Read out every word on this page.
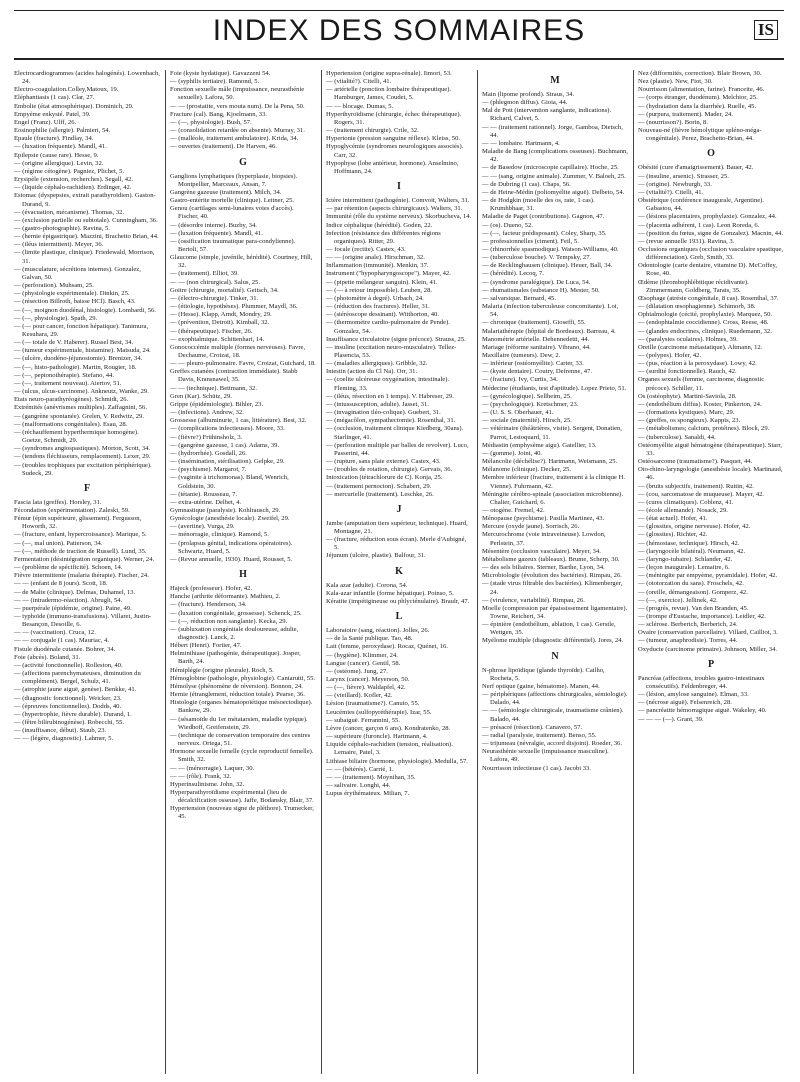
INDEX DES SOMMAIRES	IS
Electrocardiogrammes (acides halogénés). Lowenbach, 24.
Electro-coagulation.Colley,Matoux, 19.
Eléphantiasis (1 cas). Clar, 27.
Embolie (état atmosphérique). Dominich, 29.
Empyème enkysté. Patel, 39.
Engel (Franz). Ulff, 26.
Eosinophilie (allergie). Palmieri, 54.
Epaule (fracture). Findlay, 34.
— (luxation fréquente). Mandl, 41.
Epilepsie (cause rare). Hesse, 9.
— (origine allergique). Levin, 32.
— (régime cétogène). Pagniez, Plichet, 5.
Erysipèle (extension, recherches). Segall, 42.
— (liquide céphalo-rachidien). Erdinger, 42.
Estomac (dyspepsies, extrait parathyroïdien). Gaston-Durand, 9.
— (évacuation, mécanisme). Thomas, 32.
— (exclusion partielle ou subtotale). Cunningham, 36.
— (gastro-photographie). Ravina, 5.
— (hernie épigastrique). Mazzini, Brachetto Brian, 44.
— (iléus intermittent). Meyer, 36.
— (limite plastique, clinique). Friedewald, Morrison, 31.
— (musculature, sécrétions internes). Gonzalez, Galvan, 50.
— (perforation). Muhsam, 25.
— (physiologie expérimentale). Dinkin, 25.
— (résection Billroth, baisse HCl). Basch, 43.
— (—, moignon duodénal, histologie). Lombardi, 56.
— (—, physiologie). Spath, 29.
— (— pour cancer, fonction hépatique). Tanimura, Kesuhara, 29.
— (— totale de V. Haberer). Russel Best, 34.
— (tumeur expérimentale, histamine). Matsuda, 24.
— (ulcère, duodéno-jéjunostomie). Brenizer, 34.
— (—, histo-pathologie). Martin, Rougier, 18.
— (—, peptonothérapie). Stefano, 44.
— (—, traitement nouveau). Aiertov, 51.
— (ulcus, ulcus-carcinome). Ankneutz, Wanke, 29.
Etats neuro-parathyréogènes). Schmidt, 26.
Extrémités (anévrismes multiples). Zaffagnini, 56.
— (gangrène spontanée). Grelen, V. Redwitz, 29.
— (malformations congénitales). Esau, 28.
— (réchauffement hyperthermique homogène). Goetze, Schmidt, 29.
— (syndromes angiospastiques). Morton, Scott, 34.
— (tendons fléchisseurs, remplacement). Lexer, 29.
— (troubles trophiques par excitation périphérique). Sudeck, 29.
F
Fascia lata (greffes). Horsley, 31.
Fécondation (expérimentation). Zaleski, 59.
Fémur (épin supérieure, glissement). Fergusson, Howorth, 32.
— (fracture, enfant, hypercroissance). Marique, 5.
— (—, mal union). Patterson, 34.
— (—, méthode de traction de Russell). Lund, 35.
Fermentation (désintégration organique). Werner, 24.
— (problème de spécificité). Schoen, 14.
Fièvre intermittente (malaria thérapie). Fischer, 24.
— — (enfant de 8 jours). Scott, 18.
— de Malte (clinique). Delmas, Duhamel, 13.
— — (intradermo-réaction). Abrugli, 54.
— puerpérale (épidémie, origine). Paine, 49.
— typhoïde (immuno-transfusions). Villaret, Justin-Besançon, Desoille, 6.
— — (vaccination). Cruca, 12.
— — conjugale (1 cas). Mauriac, 4.
Fistule duodénale cutanée. Bohrer, 34.
Foie (abcès). Boland, 31.
— (activité fonctionnelle). Rolleston, 40.
— (affections parenchymateuses, diminution du complément). Bergel, Schulz, 41.
— (atrophie jaune aiguë, genèse). Benkke, 41.
— (diagnostic fonctionnel). Weicker, 23.
— (épreuves fonctionnelles). Dodds, 40.
— (hypertrophie, fièvre durable). Durand, 1.
— (fêtre bilirubinogénèse). Robecchi, 55.
— (insuffisance, début). Staub, 23.
— — (légère, diagnostic). Lahmer, 5.
Foie (kyste hydatique). Gavazzeni 54.
— (syphilis tertiaire). Ramond, 5.
Fonction sexuelle mâle (impuissance, neurasthénie sexuelle). Lafora, 50.
— — (prostatite, vers mouta num). De la Pena, 50.
Fracture (cal). Bang, Kjoelmann, 33.
— (—, physiologie). Bush, 57.
— (consolidation retardée on absente). Murray, 31.
— (malléole, traitement ambulatoire). Krida, 34.
— ouvertes (traitement). De Harven, 46.
G
Ganglions lymphatiques (hyperplasie, biopsies). Montpellier, Marceaux, Ansan, 7.
Gangrène gazeuse (traitement). Milch, 34.
Gastro-entérite mortelle (clinique). Leitner, 25.
Genou (cartilages semi-lunaires voies d'accès). Fischer, 40.
— (désordre interne). Buzby, 34.
— (luxation fréquente). Mandl, 41.
— (ossification traumatique para-condylienne). Bertoli, 57.
Glaucome (simple, juvénile, hérédité). Courtney, Hill, 32.
— (traitement). Elliot, 39.
— — (non chirurgical). Salus, 25.
Goitre (chirurgie, mortalité). Geitsch, 34.
— (électro-chirurgie). Tinker, 31.
— (étiologie, hypothèses). Plummer, Maydl, 36.
— (Hesse). Klapp, Arndt, Mondry, 29.
— (prévention, Detroit). Kimball, 32.
— (thérapeutique). Fischer, 26.
— exophtalmique. Schittenhart, 14.
Gonococcémie multiple (formes nerveuses). Favre, Dechaume, Croizat, 18.
— — pleuro-pulmonaire. Favre, Croizat, Guichard, 18.
Greffes cutanées (contraction immédiate). Stabb Davis, Kransnawel, 35.
— — (technique). Bettmann, 32.
Gren (Kar). Schütz, 29.
Grippe (épidémiologie). Bihler, 23.
— (infections). Andrew, 32.
Grossesse (albuminurie, 1 cas, littérature). Best, 32.
— (complications infectieuses). Moore, 33.
— (fièvre?) Frühinsholz, 3.
— (gangrène gazeuse, 1 cas). Adams, 39.
— (hydrorrhée). Gosdall, 26.
— (insémination, stérilisation). Gelpke, 29.
— (psychisme). Margarot, 7.
— (vaginite à trichomonas). Bland, Wenrich, Goldstein, 30.
— (tétanie). Rousseau, 7.
— extra-utérine. Delbet, 4.
Gymnastique (paralysie). Kohlrausch, 29.
Gynécologie (anesthésie locale). Zweifel, 29.
— (avertine). Vurga, 29.
— ménorragie, clinique). Ramond, 5.
— (prolapsus génital, indications opératoires). Schwartz, Huard, 5.
— (Revue annuelle, 1930). Huard, Rousset, 5.
H
Hajeck (professeur). Hofer, 42.
Hanche (arthrite déformante). Mathieu, 2.
— (fracture). Henderson, 34.
— (luxation congénitale, grossesse). Schenck, 25.
— (—, réduction non sanglante). Kecka, 29.
— (subluxation congénitale douloureuse, adulte, diagnostic). Lanck, 2.
Hébert (Henri). Fortier, 47.
Helminthiase (pathogénie, thérapeutique). Josper, Barth, 24.
Hémiplégie (origine pleurale). Roch, 5.
Hémoglobine (pathologie, physiologie). Cantarutti, 55.
Hémolyse (phénomène de réversion). Bonnon, 24.
Hernie (étranglement, réduction totale). Pearse, 36.
Histologie (organes hématopoïétique mésoectodique). Bankow, 29.
— (sésamoïde du 1er métatarsien, maladie typique). Wiedhoff, Greifenstein, 29.
— (technique de conservation temporaire des centres nerveux. Ortega, 51.
Hormone sexuelle femelle (cycle reproductif femelle). Smith, 32.
— — (ménorragie). Laquer, 30.
— — (rôle). Frank, 32.
Hyperinsulinisme. John, 32.
Hyperparathyroïdisme expérimental (lieu de décalcification osseuse). Jaffe, Bodansky, Blair, 37.
Hypertension (nouveau signe de pléthore). Trumecker, 45.
Hypertension (origine supra-rénale). Iimori, 53.
— (vitalité?). Citelli, 41.
— artérielle (ponction lombaire thérapeutique). Hamburger, James, Coudet, 5.
— — blocage. Dumas, 5.
Hyperthyroïdisme (chirurgie, échec thérapeutique). Rogers, 31.
— (traitement chirurgie). Crile, 32.
Hypertonie (pression sanguine réflexe). Kleiss, 50.
Hypoglycémie (syndromes neurologiques associés). Carr, 32.
Hypophyse (lobe antérieur, hormone). Anselmino, Hoffmann, 24.
I
Ictère intermittent (pathogénie). Comvoit, Walters, 31.
— par rétention (aspects chirurgicaux). Walters, 31.
Immunité (rôle du système nerveux). Skorbucheva, 14.
Indice céphalique (hérédité). Goden, 22.
Infection (résistance des différentes régions organiques). Ritter, 29.
— focale (rectite). Castex, 43.
— — (origine anale). Hirschman, 32.
Inflammation (immunité). Menkin, 37.
Instrument ("hypopharyngoscope"). Mayer, 42.
— (pipette mélangeur sanguin). Klein, 41.
— (— à retour impossible). Leuben, 28.
— (photomètre à degré). Urbach, 24.
— (réduction des fractures). Heller, 31.
— (stéréoscope dessinant). Witthorton, 40.
— (thermomètre cardio-pulmonaire de Pende). Gonzalez, 54.
Insuffisance circulatoire (signe précoce). Strauss, 25.
— insuline (excitation neuro-musculaire). Tellez-Plasencia, 53.
— (maladies allergiques). Gribble, 32.
Intestin (action du Cl Na). Orr, 31.
— (coelite ulcéreuse oxygénation, intestinale). Fleming, 33.
— (iléus, résection en 1 temps). V. Habreser, 29.
— (intussusception, adulte). Jasset, 31.
— (invagination iléo-colique). Guebert, 31.
— (mégacôlon, sympathectomie). Rosenthal, 31.
— (occlusion, traitement clinique Kiedberg, 30ans). Starlinger, 41.
— (perforation multiple par balles de revolver). Luco, Passerini, 44.
— (rupture, sans plaie externe). Castex, 43.
— (troubles de rotation, chirurgie). Gervais, 36.
Intoxication (tétrachlorure de C). Konja, 25.
— (traitement pernocton). Schabert, 29.
— mercurielle (traitement). Leschke, 26.
J
Jambe (amputation tiers supérieur, technique). Huard, Montagne, 21.
— (fracture, réduction sous écran). Merle d'Aubigné, 5.
Jéjunum (ulcère, plastie). Balfour, 31.
K
Kala azar (adulte). Corona, 54.
Kala-azar infantile (forme hépatique). Poinso, 5.
Kératite (impétigineuse ou phlycténulaire). Braulr, 47.
L
Laboratoire (sang, réaction). Jolles, 26.
— de la Santé publique. Tao, 48.
Lait (femme, peroxydase). Rocaz, Quénet, 16.
— (hygiène). Klimmer, 24.
Langue (cancer). Gentil, 58.
— (ostéome). Jung, 27.
Larynx (cancer). Meyerson, 50.
— (—, fièvre). Waldapfel, 42.
— (vieillard). Kofler, 42.
Lésion (traumatisme?). Canuto, 55.
Leucémies (sulfopyréthérapie). Izar, 55.
— subaiguë. Ferrannini, 55.
Lèvre (cancer, garçon 6 ans). Kondratenko, 28.
— supérieure (furoncle). Hartmann, 4.
Liquide céphalo-rachidien (tension, réalisation). Lemaire, Patel, 3.
Lithiase biliaire (hormone, physiologie). Medulla, 57.
— — (bétérés). Carrié, 1.
— — (traitement). Moynihan, 35.
— salivaire. Longhi, 44.
Lupus érythémateux. Milian, 7.
M
Main (lipome profond). Straus, 34.
— (phlegmon diffus). Gioia, 44.
Mal de Pott (intervention sanglante, indications). Richard, Calvet, 5.
— — (traitement rationnel). Jorge, Gamboa, Dietsch, 44.
— — lombaire. Hartmann, 4.
Maladie de Bang (complications osseuses). Buchmann, 42.
— de Basedow (microscopie capillaire). Hoche, 25.
— — (sang, origine animale). Zummer, V. Baloeh, 25.
— de Dubring (1 cas). Chaps, 56.
— de Heine-Médin (poliomyélite aiguë). Delbeto, 54.
— de Hodgkin (moelle des os, rate, 1 cas). Krumhbhaar, 31.
Maladie de Paget (contributions). Gagnon, 47.
— (os). Dueno, 52.
— (—, facteur prédisposant). Coley, Sharp, 35.
— professionnelles (ciment). Feil, 5.
— (rhinorrhée spasmodique). Watson-Williams, 40.
— (tuberculose bouche). V. Tempsky, 27.
— de Recklinghausen (clinique). Heuer, Ball, 34.
— (hérédité). Lecoq, 7.
— (syndrome paralégique). De Luca, 54.
— rhumatismales (substance H). Mester, 50.
— salvarsique. Bernard, 45.
Malaria (infection tuberculeuse concomitante). Loi, 54.
— chronique (traitement). Gioseffi, 55.
Malariathérapie (hôpital de Bordeaux). Barreau, 4.
Manométrie artérielle. Dehennedetti, 44.
Mariage (réforme sanitaire). Vibrano, 44.
Maxillaire (tumeurs). Dew, 2.
— inférieur (ostéomyélite). Carter, 33.
— (kyste dentaire). Coutry, Defrenne, 47.
— (fracture). Ivy, Curtis, 34.
Médecine (étudiants, test d'aptitude). Lopez Prieto, 51.
— (gynécologique). Sellheim, 25.
— (psychologique). Kretschmer, 23.
— (U. S. S. Oberhauer, 41.
— sociale (maternité). Hirsch, 25.
— vétérinaire (théâtrières, visite). Sergent, Donatien, Parrot, Lestoquard, 11.
Médiastin (emphysème aigu). Gatellier, 13.
— (gomme). Joint, 40.
Mélancolie (déchélise?). Hartmann, Weismann, 25.
Mélanome (clinique). Decker, 25.
Membre inférieur (fracture, traitement à la clinique H. Vienne). Fuhrmann, 42.
Méningite cérébro-spinale (association microbienne). Chalier, Guichard, 6.
— otogène. Fremel, 42.
Ménopause (psychisme). Pasilla Martinez, 43.
Mercure (oxyde jaune). Sorrisch, 26.
Mercurochrome (voie intraveineuse). Lowdon, Perlstein, 37.
Mésentère (occlusion vasculaire). Meyer, 34.
Métabolisme gazeux (tableaux). Brume, Scherp, 30.
— des sels biliaires. Sterner, Barthe, Lyon, 34.
Microbiologie (évolution des bactéries). Rimpau, 26.
— (stade virus filtrable des bactéries). Klimenberger, 24.
— (virulence, variabilité). Rimpau, 26.
Moelle (compression par épaississement ligamentaire). Towne, Reichert, 34.
— épinière (endothélium, ablation, 1 cas). Gerstle, Wettgen, 35.
Myélome multiple (diagnostic différentiel). Jores, 24.
N
N-phrose lipoïdique (glande thyroïde). Cailho, Rocheta, 5.
Nerf optique (gaine, hématome). Manen, 44.
— périphériques (affections chirurgicales, sémiologie). Dalado, 44.
— — (sémiologie chirurgicale, traumatisme crânien). Balado, 44.
— présacré (résection). Canavero, 57.
— radial (paralysie, traitement). Benso, 55.
— trijumeau (névralgie, accord disjoint). Roeder, 36.
Neurasthénie sexuelle (impuissance masculine). Lafora, 49.
Nourrisson infectieuse (1 cas). Jacobi 33.
Nez (difformités, correction). Blair Brown, 30.
Nez (plastie). New, Fiot, 30.
Nourrisson (alimentation, farine). Franceite, 46.
— (corps étranger, duodénum). Melchior, 25.
— (hydratation dans la diarrhée). Ruelle, 45.
— (purpura, traitement). Mader, 24.
— (nourrisson?). Borin, 8.
Nouveau-né (fièvre hémolytique spléno-méga-congénitale). Perez, Brachetto-Brian, 44.
O
Obésité (cure d'amaigrissement). Bauer, 42.
— (insuline, arsenic). Strasser, 25.
— (origine). Newburgh, 33.
— (vitalité?). Citelli, 41.
Obstétrique (conférence inaugurale, Argentine). Gabastou, 44.
— (lésions placentaires, prophylaxie). Gonzalez, 44.
— (placenta adhérent, 1 cas). Leon Roreda, 6.
— (position du fœtus, signe de Gonzalez). Macnin, 44.
— (revue annuelle 1931). Ravina, 3.
Occlusions organiques (occlusion vasculaire spastique, différenciation). Greb, Smith, 33.
Odontologie (carie dentaire, vitamine D). McCoffey, Rose, 40.
Œdème (thrombophlébitique récidivante). Zimmermann, Goldberg, Tarats, 35.
Œsophage (atrésie congénitale, 8 cas). Rosenthal, 37.
— (dilatation œsophagienne). Schimorb, 38.
Ophtalmologie (cécité, prophylaxie). Marquez, 50.
— (endophtalmie coccidienne). Cross, Reese, 48.
— (glandes endocrines, clinique). Ruedemann, 32.
— (paralysies oculaires). Holmes, 39.
Oreille (carcinome métastatique). Altmann, 12.
— (polypes). Hofer, 42.
— (pus, réaction à la peroxydase). Lowy, 42.
— (surdité fonctionnelle). Rauch, 42.
Organes sexuels (femme, carcinome, diagnostic précoce). Schiller, 11.
Os (ostéophyte). Martini-Saviola, 28.
— (endothélium diffus). Koster, Pinkerton, 24.
— (formations kystiques). Marc, 29.
— (greffes, os spongieux). Kappis, 23.
— (métabolismes; calcium, protéines). Block, 29.
— (tuberculose). Sanaldi, 44.
Ostéomyélite aiguë hématogène (thérapeutique). Starr, 33.
Ostéosarcome (traumatisme?). Pasquet, 44.
Oto-rhino-laryngologie (anesthésie locale). Martinaud, 46.
— (bruits subjectifs, traitement). Ruttin, 42.
— (cou, sarcomatose de muqueuse). Mayer, 42.
— (cures climatiques). Coblenz, 41.
— (école allemande). Nosack, 29.
— (état actuel). Hofer, 41.
— (glossites, origine nerveuse). Hofer, 42.
— (glossites). Richter, 42.
— (hémostase, technique). Hirsch, 42.
— (laryngocèle bilatéral). Neumann, 42.
— (laryngo-tubaire). Schlander, 42.
— (leçon inaugurale). Lemaitre, 6.
— (méningite par empyème, pyramidale). Hofer, 42.
— (ototorzation du sans). Froschels, 42.
— (oreille, démangeaison). Gomperz, 42.
— (—, exercice). Jellinek, 42.
— (progrès, revue). Van den Branden, 45.
— (trompe d'Eustache, importance). Leidler, 42.
— sclérose. Berberich, Berberich, 24.
Ovaire (conservation parcellaire). Villard, Cailliot, 3.
— (tumeur, anaphrodisie). Torres, 44.
Oxyducte (carcinome primaire). Johnson, Miller, 34.
P
Pancréas (affections, troubles gastro-intestinaux consécutifs). Feldenbreger, 44.
— (lésion, amylose sanguine). Elman, 33.
— (nécrose aiguë). Felsenreich, 28.
— pancréatite hémorragique aiguë. Wakeley, 40.
— — — (—). Grant, 39.
